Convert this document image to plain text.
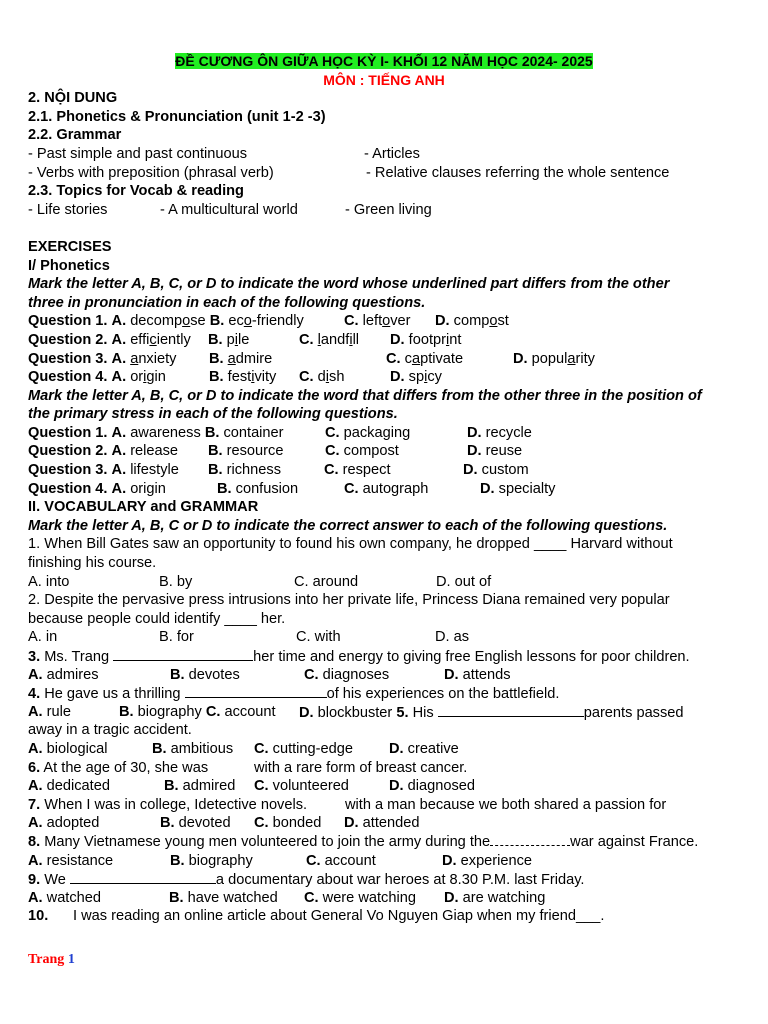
ĐỀ CƯƠNG ÔN GIỮA HỌC KỲ I- KHỐI 12 NĂM HỌC 2024- 2025
MÔN : TIẾNG ANH
2. NỘI DUNG
2.1. Phonetics & Pronunciation (unit 1-2 -3)
2.2. Grammar
- Past simple and past continuous	- Articles
- Verbs with preposition (phrasal verb)	- Relative clauses referring the whole sentence
2.3. Topics for Vocab & reading
- Life stories	- A multicultural world	- Green living
EXERCISES
I/ Phonetics
Mark the letter A, B, C, or D to indicate the word whose underlined part differs from the other
three in pronunciation in each of the following questions.
Question 1. A. decompose B. eco-friendly	C. leftover D. compost
Question 2. A. efficiently B. pile	C. landfill D. footprint
Question 3. A. anxiety B. admire	C. captivate	D. popularity
Question 4. A. origin	B. festivity C. dish	D. spicy
Mark the letter A, B, C, or D to indicate the word that differs from the other three in the position of
the primary stress in each of the following questions.
Question 1. A. awareness B. container	C. packaging	D. recycle
Question 2. A. release B. resource	C. compost	D. reuse
Question 3. A. lifestyle B. richness	C. respect	D. custom
Question 4. A. origin	B. confusion	C. autograph	D. specialty
II. VOCABULARY and GRAMMAR
Mark the letter A, B, C or D to indicate the correct answer to each of the following questions.
1. When Bill Gates saw an opportunity to found his own company, he dropped ____ Harvard without
finishing his course.
A. into	B. by	C. around	D. out of
2. Despite the pervasive press intrusions into her private life, Princess Diana remained very popular
because people could identify ____ her.
A. in	B. for	C. with	D. as
3. Ms. Trang	her time and energy to giving free English lessons for poor children.
A. admires	B. devotes	C. diagnoses	D. attends
4. He gave us a thrilling	of his experiences on the battlefield.
A. rule	B. biography C. account D. blockbuster 5. His	parents passed
away in a tragic accident.
A. biological	B. ambitious C. cutting-edge D. creative
6. At the age of 30, she was	with a rare form of breast cancer.
A. dedicated	B. admired C. volunteered	D. diagnosed
7. When I was in college, Idetective novels.	with a man because we both shared a passion for
A. adopted	B. devoted C. bonded D. attended
8. Many Vietnamese young men volunteered to join the army during the	war against France.
A. resistance	B. biography	C. account	D. experience
9. We	a documentary about war heroes at 8.30 P.M. last Friday.
A. watched	B. have watched C. were watching D. are watching
10. I was reading an online article about General Vo Nguyen Giap when my friend___.
Trang 1
